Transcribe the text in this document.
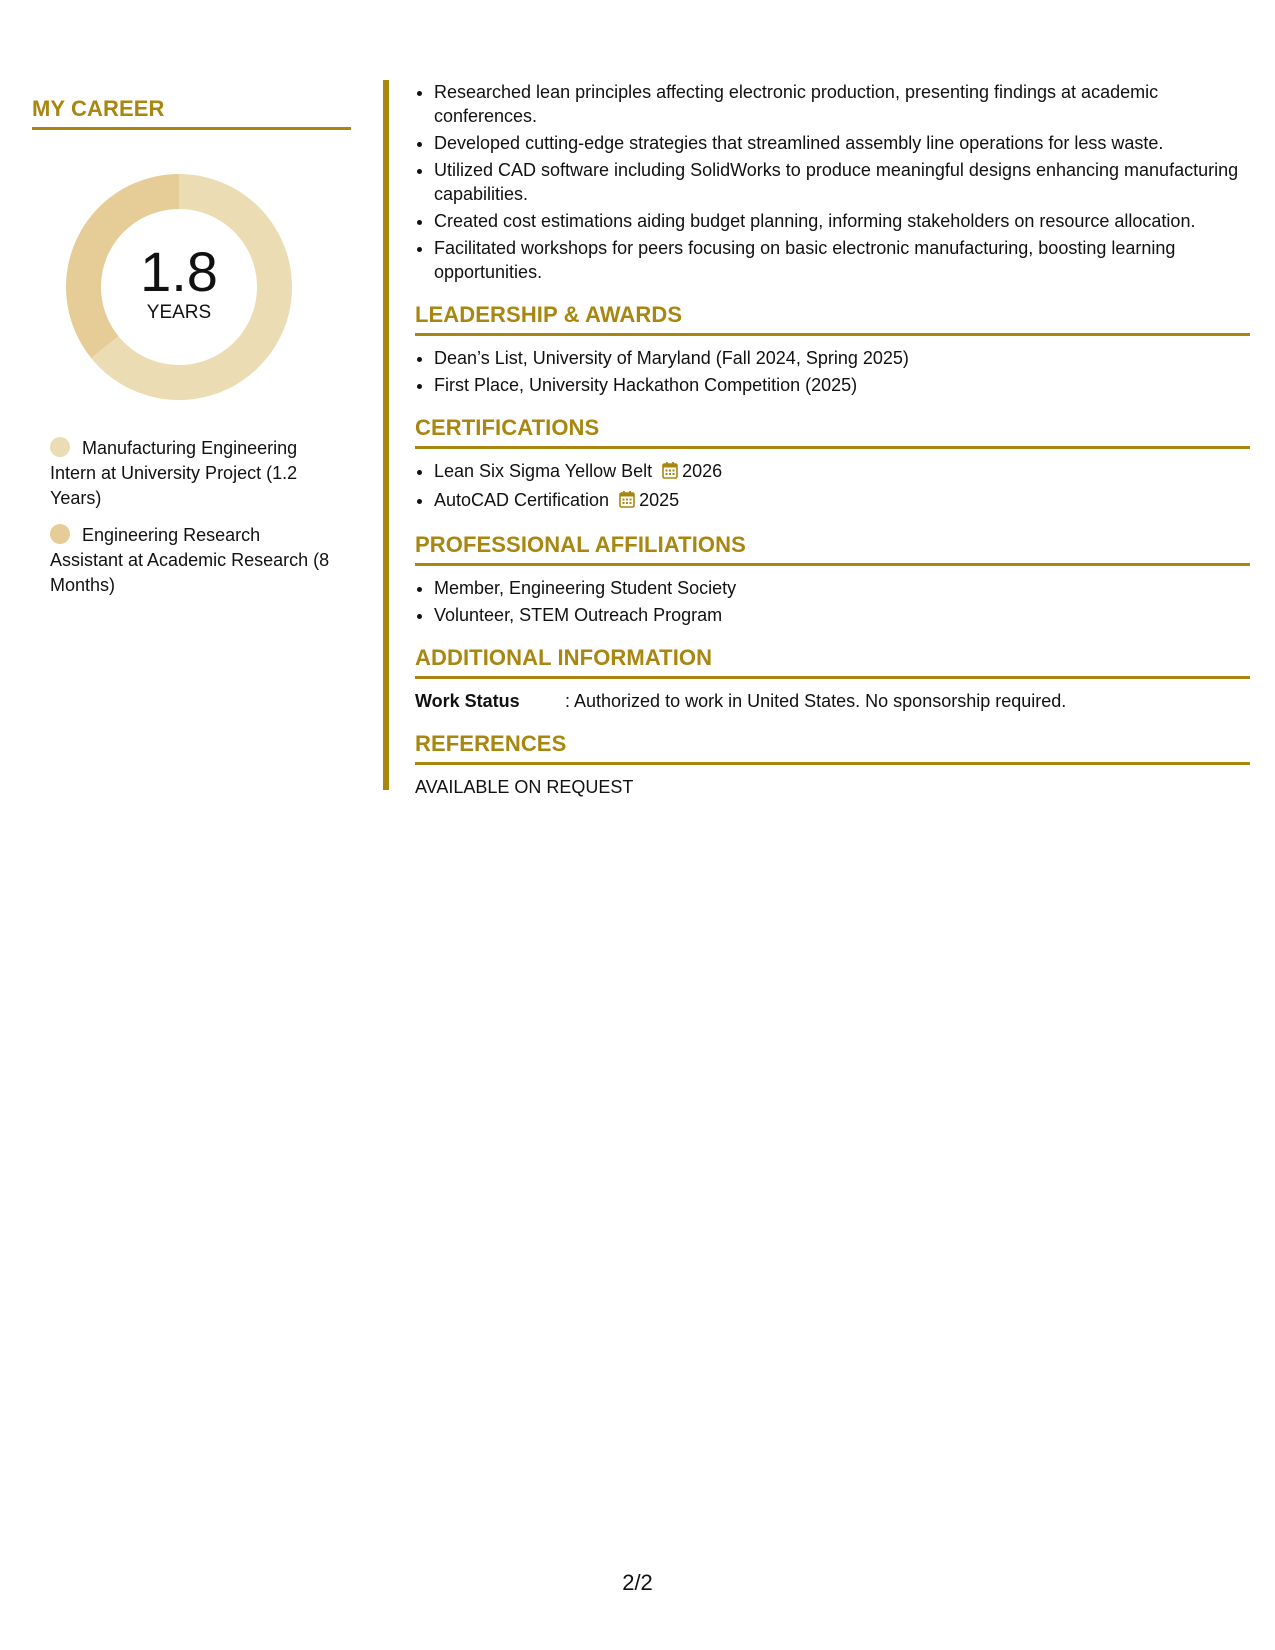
MY CAREER
1.8
YEARS
Manufacturing Engineering Intern at University Project (1.2 Years)
Engineering Research Assistant at Academic Research (8 Months)
• Researched lean principles affecting electronic production, presenting findings at academic conferences.
• Developed cutting-edge strategies that streamlined assembly line operations for less waste.
• Utilized CAD software including SolidWorks to produce meaningful designs enhancing manufacturing capabilities.
• Created cost estimations aiding budget planning, informing stakeholders on resource allocation.
• Facilitated workshops for peers focusing on basic electronic manufacturing, boosting learning opportunities.
LEADERSHIP & AWARDS
• Dean’s List, University of Maryland (Fall 2024, Spring 2025)
• First Place, University Hackathon Competition (2025)
CERTIFICATIONS
• Lean Six Sigma Yellow Belt 2026
• AutoCAD Certification 2025
PROFESSIONAL AFFILIATIONS
• Member, Engineering Student Society
• Volunteer, STEM Outreach Program
ADDITIONAL INFORMATION
Work Status	: Authorized to work in United States. No sponsorship required.
REFERENCES
AVAILABLE ON REQUEST
2/2
